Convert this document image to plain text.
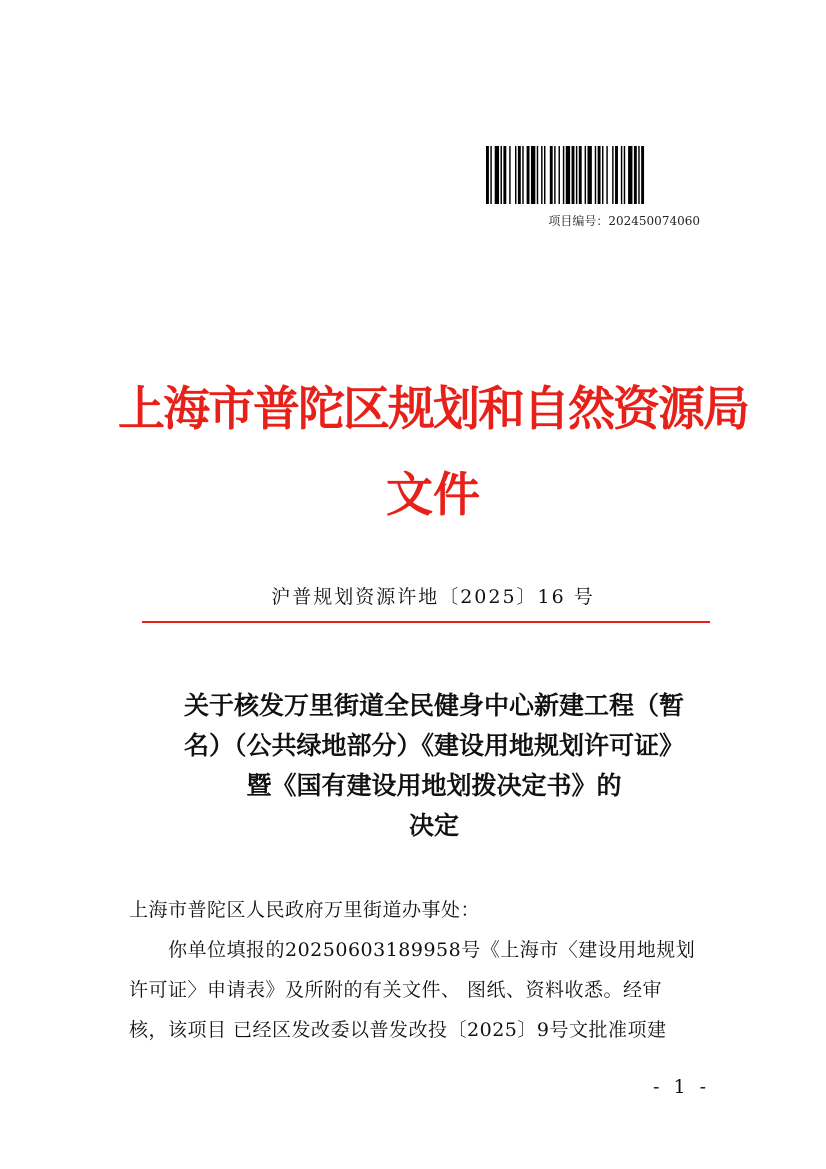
项目编号：202450074060
上海市普陀区规划和自然资源局
文件
沪普规划资源许地〔2025〕16 号
关于核发万里街道全民健身中心新建工程（暂
名）（公共绿地部分）《建设用地规划许可证》
暨《国有建设用地划拨决定书》的
决定
上海市普陀区人民政府万里街道办事处：
　　你单位填报的20250603189958号《上海市〈建设用地规划
许可证〉申请表》及所附的有关文件、 图纸、资料收悉。经审
核，该项目 已经区发改委以普发改投〔2025〕9号文批准项建
- 1 -
